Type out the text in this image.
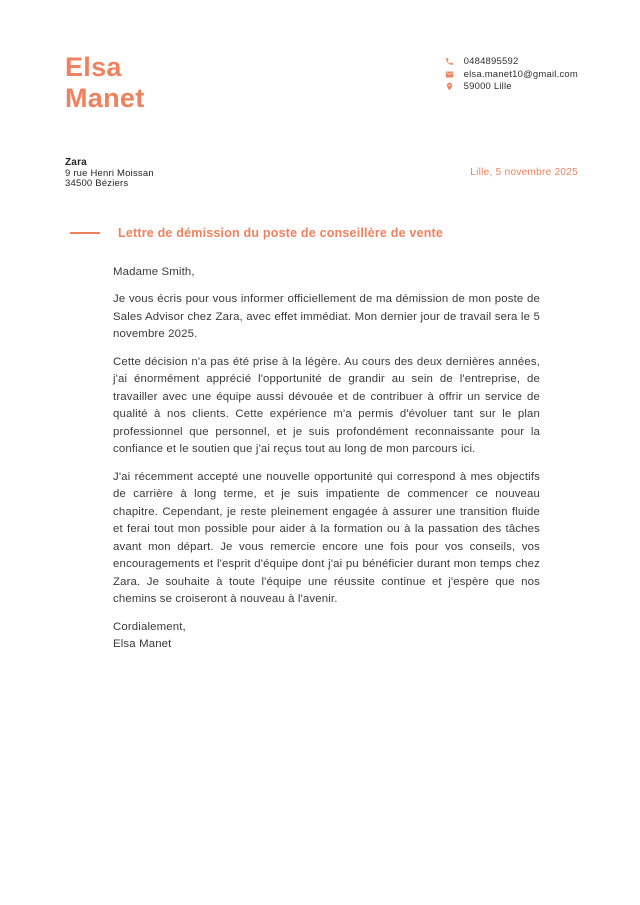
Elsa
Manet
0484895592
elsa.manet10@gmail.com
59000 Lille
Zara
9 rue Henri Moissan
34500 Béziers
Lille, 5 novembre 2025
Lettre de démission du poste de conseillère de vente

Madame Smith,

Je vous écris pour vous informer officiellement de ma démission de mon poste de Sales Advisor chez Zara, avec effet immédiat. Mon dernier jour de travail sera le 5 novembre 2025.

Cette décision n'a pas été prise à la légère. Au cours des deux dernières années, j'ai énormément apprécié l'opportunité de grandir au sein de l'entreprise, de travailler avec une équipe aussi dévouée et de contribuer à offrir un service de qualité à nos clients. Cette expérience m'a permis d'évoluer tant sur le plan professionnel que personnel, et je suis profondément reconnaissante pour la confiance et le soutien que j'ai reçus tout au long de mon parcours ici.

J'ai récemment accepté une nouvelle opportunité qui correspond à mes objectifs de carrière à long terme, et je suis impatiente de commencer ce nouveau chapitre. Cependant, je reste pleinement engagée à assurer une transition fluide et ferai tout mon possible pour aider à la formation ou à la passation des tâches avant mon départ. Je vous remercie encore une fois pour vos conseils, vos encouragements et l'esprit d'équipe dont j'ai pu bénéficier durant mon temps chez Zara. Je souhaite à toute l'équipe une réussite continue et j'espère que nos chemins se croiseront à nouveau à l'avenir.

Cordialement,
Elsa Manet
